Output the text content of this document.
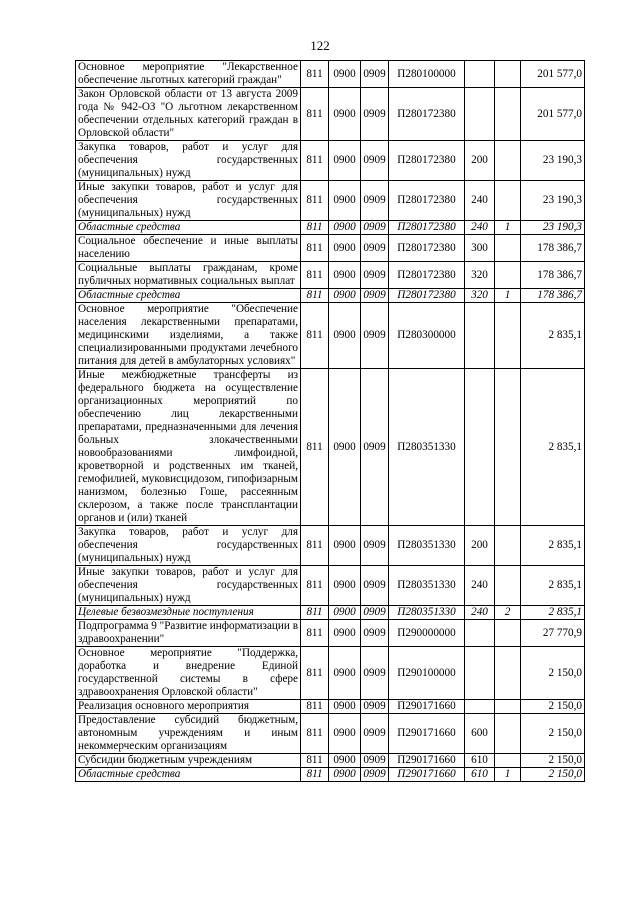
122
Основное мероприятие "Лекарственное обеспечение льготных категорий граждан"	811	0900	0909	П280100000			201 577,0
Закон Орловской области от 13 августа 2009 года № 942-ОЗ "О льготном лекарственном обеспечении отдельных категорий граждан в Орловской области"	811	0900	0909	П280172380			201 577,0
Закупка товаров, работ и услуг для обеспечения государственных (муниципальных) нужд	811	0900	0909	П280172380	200		23 190,3
Иные закупки товаров, работ и услуг для обеспечения государственных (муниципальных) нужд	811	0900	0909	П280172380	240		23 190,3
Областные средства	811	0900	0909	П280172380	240	1	23 190,3
Социальное обеспечение и иные выплаты населению	811	0900	0909	П280172380	300		178 386,7
Социальные выплаты гражданам, кроме публичных нормативных социальных выплат	811	0900	0909	П280172380	320		178 386,7
Областные средства	811	0900	0909	П280172380	320	1	178 386,7
Основное мероприятие "Обеспечение населения лекарственными препаратами, медицинскими изделиями, а также специализированными продуктами лечебного питания для детей в амбулаторных условиях"	811	0900	0909	П280300000			2 835,1
Иные межбюджетные трансферты из федерального бюджета на осуществление организационных мероприятий по обеспечению лиц лекарственными препаратами, предназначенными для лечения больных злокачественными новообразованиями лимфоидной, кроветворной и родственных им тканей, гемофилией, муковисцидозом, гипофизарным нанизмом, болезнью Гоше, рассеянным склерозом, а также после трансплантации органов и (или) тканей	811	0900	0909	П280351330			2 835,1
Закупка товаров, работ и услуг для обеспечения государственных (муниципальных) нужд	811	0900	0909	П280351330	200		2 835,1
Иные закупки товаров, работ и услуг для обеспечения государственных (муниципальных) нужд	811	0900	0909	П280351330	240		2 835,1
Целевые безвозмездные поступления	811	0900	0909	П280351330	240	2	2 835,1
Подпрограмма 9 "Развитие информатизации в здравоохранении"	811	0900	0909	П290000000			27 770,9
Основное мероприятие "Поддержка, доработка и внедрение Единой государственной системы в сфере здравоохранения Орловской области"	811	0900	0909	П290100000			2 150,0
Реализация основного мероприятия	811	0900	0909	П290171660			2 150,0
Предоставление субсидий бюджетным, автономным учреждениям и иным некоммерческим организациям	811	0900	0909	П290171660	600		2 150,0
Субсидии бюджетным учреждениям	811	0900	0909	П290171660	610		2 150,0
Областные средства	811	0900	0909	П290171660	610	1	2 150,0
